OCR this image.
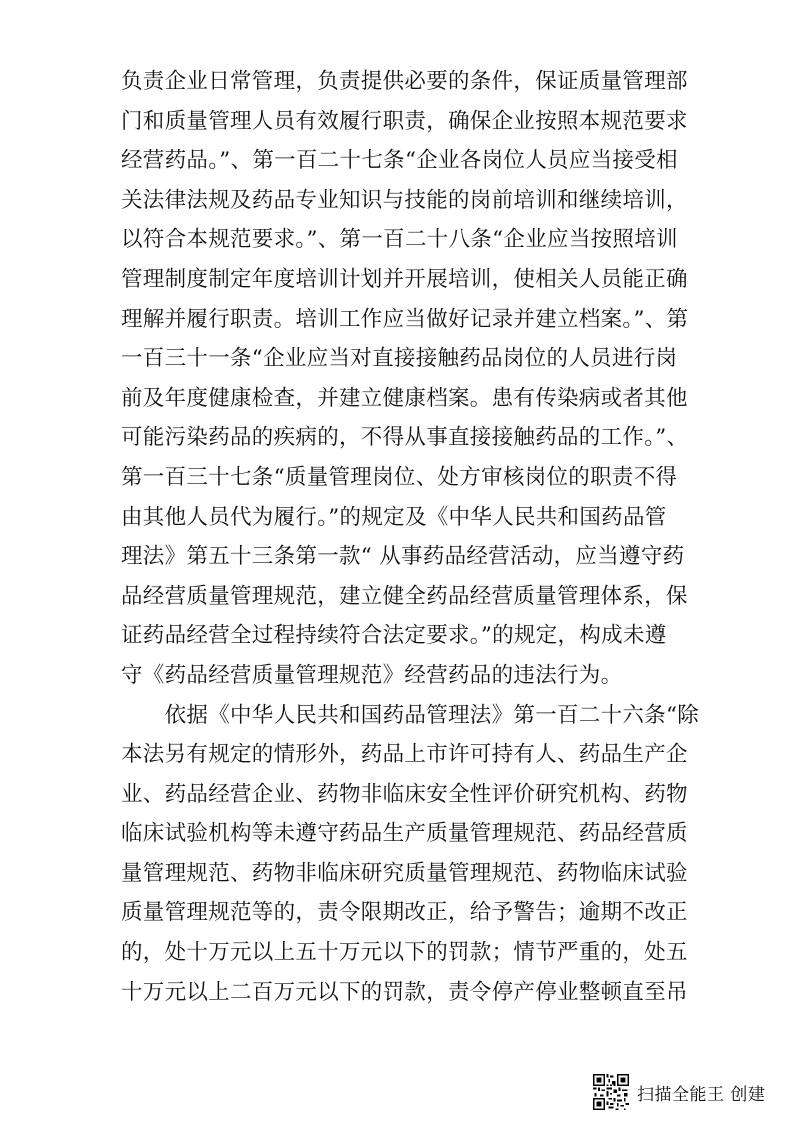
负责企业日常管理，负责提供必要的条件，保证质量管理部
门和质量管理人员有效履行职责，确保企业按照本规范要求
经营药品。”、第一百二十七条“企业各岗位人员应当接受相
关法律法规及药品专业知识与技能的岗前培训和继续培训，
以符合本规范要求。”、第一百二十八条“企业应当按照培训
管理制度制定年度培训计划并开展培训，使相关人员能正确
理解并履行职责。培训工作应当做好记录并建立档案。”、第
一百三十一条“企业应当对直接接触药品岗位的人员进行岗
前及年度健康检查，并建立健康档案。患有传染病或者其他
可能污染药品的疾病的，不得从事直接接触药品的工作。”、
第一百三十七条“质量管理岗位、处方审核岗位的职责不得
由其他人员代为履行。”的规定及《中华人民共和国药品管
理法》第五十三条第一款“ 从事药品经营活动，应当遵守药
品经营质量管理规范，建立健全药品经营质量管理体系，保
证药品经营全过程持续符合法定要求。”的规定，构成未遵
守《药品经营质量管理规范》经营药品的违法行为。
　　依据《中华人民共和国药品管理法》第一百二十六条“除
本法另有规定的情形外，药品上市许可持有人、药品生产企
业、药品经营企业、药物非临床安全性评价研究机构、药物
临床试验机构等未遵守药品生产质量管理规范、药品经营质
量管理规范、药物非临床研究质量管理规范、药物临床试验
质量管理规范等的，责令限期改正，给予警告；逾期不改正
的，处十万元以上五十万元以下的罚款；情节严重的，处五
十万元以上二百万元以下的罚款，责令停产停业整顿直至吊
扫描全能王 创建
